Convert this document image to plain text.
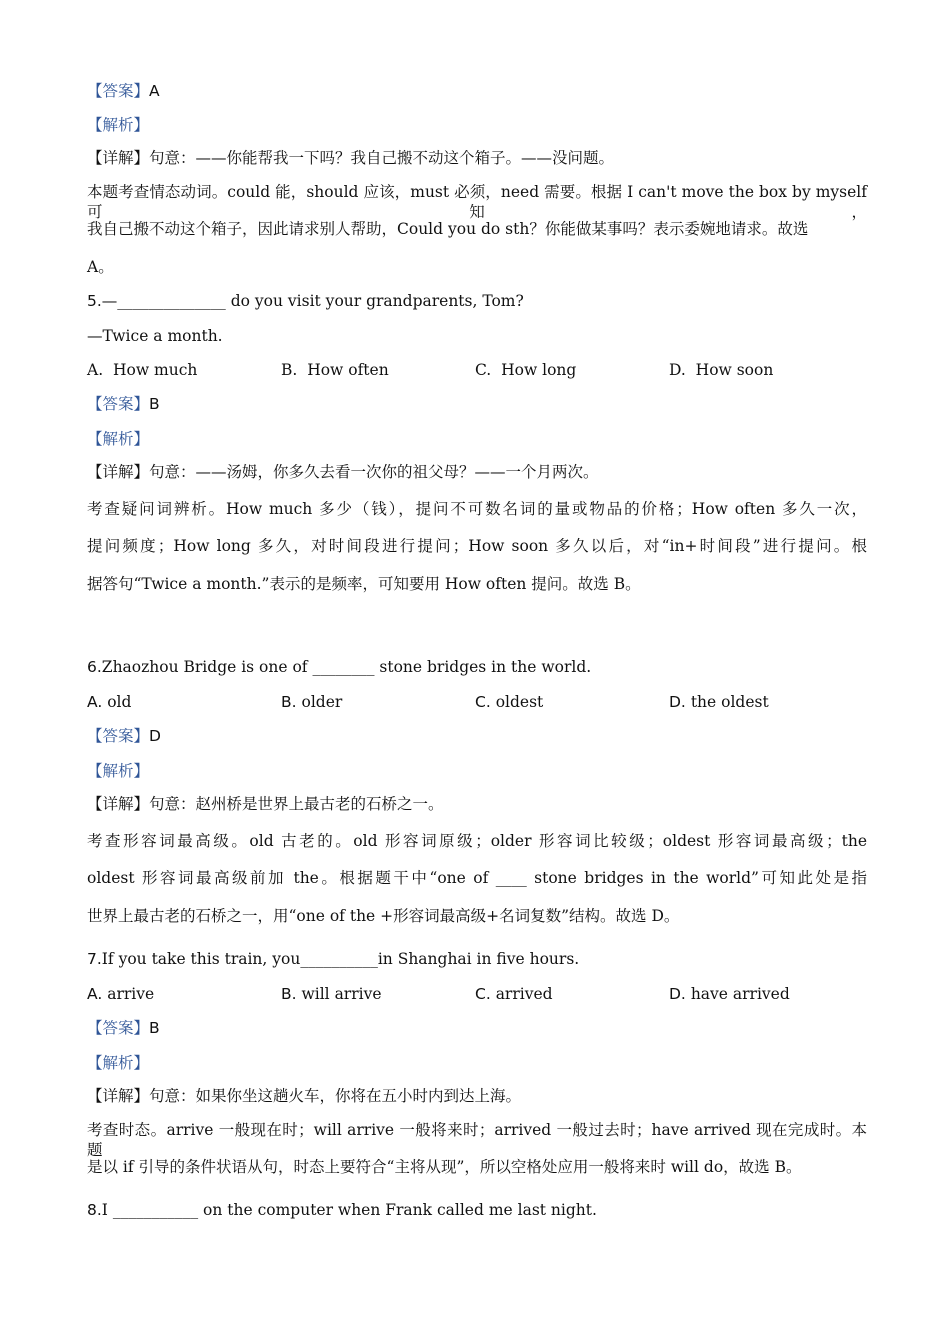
【答案】A
【解析】
【详解】句意：——你能帮我一下吗？我自己搬不动这个箱子。——没问题。
本题考查情态动词。could 能，should 应该，must 必须，need 需要。根据 I can't move the box by myself 可知，
我自己搬不动这个箱子，因此请求别人帮助，Could you do sth？你能做某事吗？表示委婉地请求。故选
A。
5.—______________ do you visit your grandparents, Tom?
—Twice a month.
A. How much	B. How often	C. How long	D. How soon
【答案】B
【解析】
【详解】句意：——汤姆，你多久去看一次你的祖父母？——一个月两次。
考查疑问词辨析。How much 多少（钱），提问不可数名词的量或物品的价格；How often 多久一次，
提问频度；How long 多久，对时间段进行提问；How soon 多久以后，对“in+时间段”进行提问。根
据答句“Twice a month.”表示的是频率，可知要用 How often 提问。故选 B。
6.Zhaozhou Bridge is one of ________ stone bridges in the world.
A. old	B. older	C. oldest	D. the oldest
【答案】D
【解析】
【详解】句意：赵州桥是世界上最古老的石桥之一。
考查形容词最高级。old 古老的。old 形容词原级；older 形容词比较级；oldest 形容词最高级；the
oldest 形容词最高级前加 the。根据题干中“one of ____ stone bridges in the world”可知此处是指
世界上最古老的石桥之一，用“one of the +形容词最高级+名词复数”结构。故选 D。
7.If you take this train, you__________in Shanghai in five hours.
A. arrive	B. will arrive	C. arrived	D. have arrived
【答案】B
【解析】
【详解】句意：如果你坐这趟火车，你将在五小时内到达上海。
考查时态。arrive 一般现在时；will arrive 一般将来时；arrived 一般过去时；have arrived 现在完成时。本题
是以 if 引导的条件状语从句，时态上要符合“主将从现”，所以空格处应用一般将来时 will do，故选 B。
8.I ___________ on the computer when Frank called me last night.
